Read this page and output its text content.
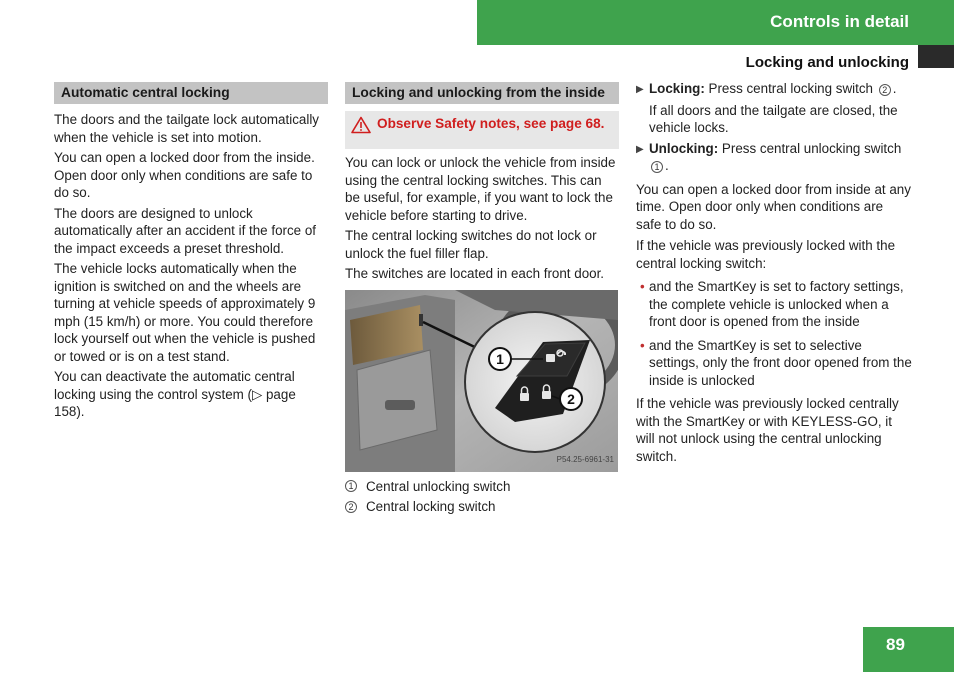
Controls in detail
Locking and unlocking
Automatic central locking

The doors and the tailgate lock automatically when the vehicle is set into motion.

You can open a locked door from the inside. Open door only when conditions are safe to do so.

The doors are designed to unlock automatically after an accident if the force of the impact exceeds a preset threshold.

The vehicle locks automatically when the ignition is switched on and the wheels are turning at vehicle speeds of approximately 9 mph (15 km/h) or more. You could therefore lock yourself out when the vehicle is pushed or towed or is on a test stand.

You can deactivate the automatic central locking using the control system (▷ page 158).

Locking and unlocking from the inside
Observe Safety notes, see page 68.

You can lock or unlock the vehicle from inside using the central locking switches. This can be useful, for example, if you want to lock the vehicle before starting to drive.

The central locking switches do not lock or unlock the fuel filler flap.

The switches are located in each front door.

1
2
P54.25-6961-31
1 Central unlocking switch
2 Central locking switch
▶ Locking: Press central locking switch 2 .

If all doors and the tailgate are closed, the vehicle locks.

▶ Unlocking: Press central unlocking switch 1 .

You can open a locked door from inside at any time. Open door only when conditions are safe to do so.

If the vehicle was previously locked with the central locking switch:

• and the SmartKey is set to factory settings, the complete vehicle is unlocked when a front door is opened from the inside
• and the SmartKey is set to selective settings, only the front door opened from the inside is unlocked

If the vehicle was previously locked centrally with the SmartKey or with KEYLESS-GO, it will not unlock using the central unlocking switch.

89
